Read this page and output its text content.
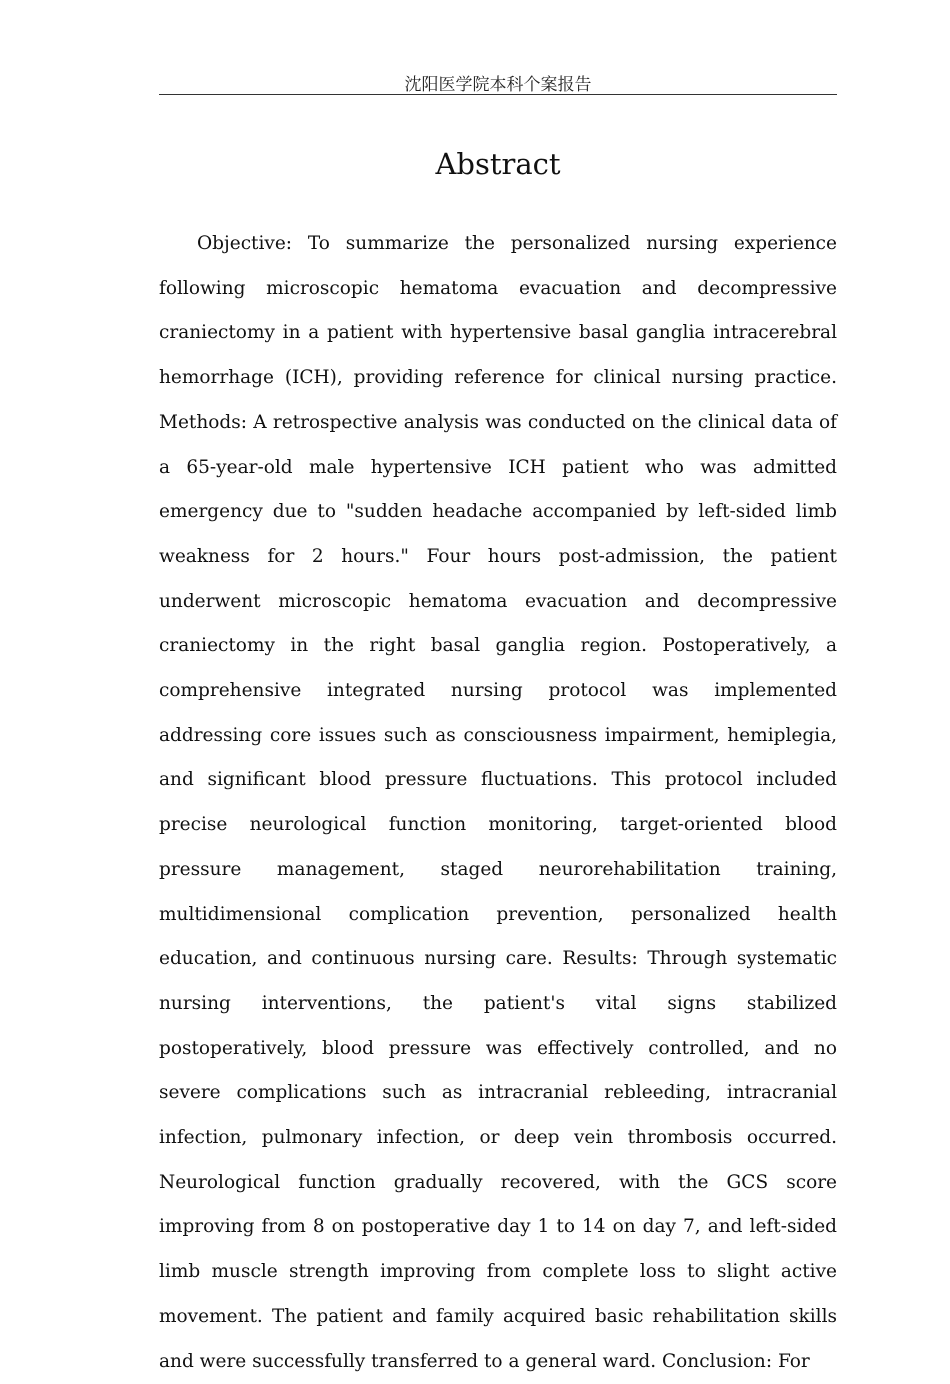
沈阳医学院本科个案报告
Abstract

Objective: To summarize the personalized nursing experience following microscopic hematoma evacuation and decompressive craniectomy in a patient with hypertensive basal ganglia intracerebral hemorrhage (ICH), providing reference for clinical nursing practice. Methods: A retrospective analysis was conducted on the clinical data of a 65-year-old male hypertensive ICH patient who was admitted emergency due to "sudden headache accompanied by left-sided limb weakness for 2 hours." Four hours post-admission, the patient underwent microscopic hematoma evacuation and decompressive craniectomy in the right basal ganglia region. Postoperatively, a comprehensive integrated nursing protocol was implemented addressing core issues such as consciousness impairment, hemiplegia, and significant blood pressure fluctuations. This protocol included precise neurological function monitoring, target-oriented blood pressure management, staged neurorehabilitation training, multidimensional complication prevention, personalized health education, and continuous nursing care. Results: Through systematic nursing interventions, the patient's vital signs stabilized postoperatively, blood pressure was effectively controlled, and no severe complications such as intracranial rebleeding, intracranial infection, pulmonary infection, or deep vein thrombosis occurred. Neurological function gradually recovered, with the GCS score improving from 8 on postoperative day 1 to 14 on day 7, and left-sided limb muscle strength improving from complete loss to slight active movement. The patient and family acquired basic rehabilitation skills and were successfully transferred to a general ward. Conclusion: For
